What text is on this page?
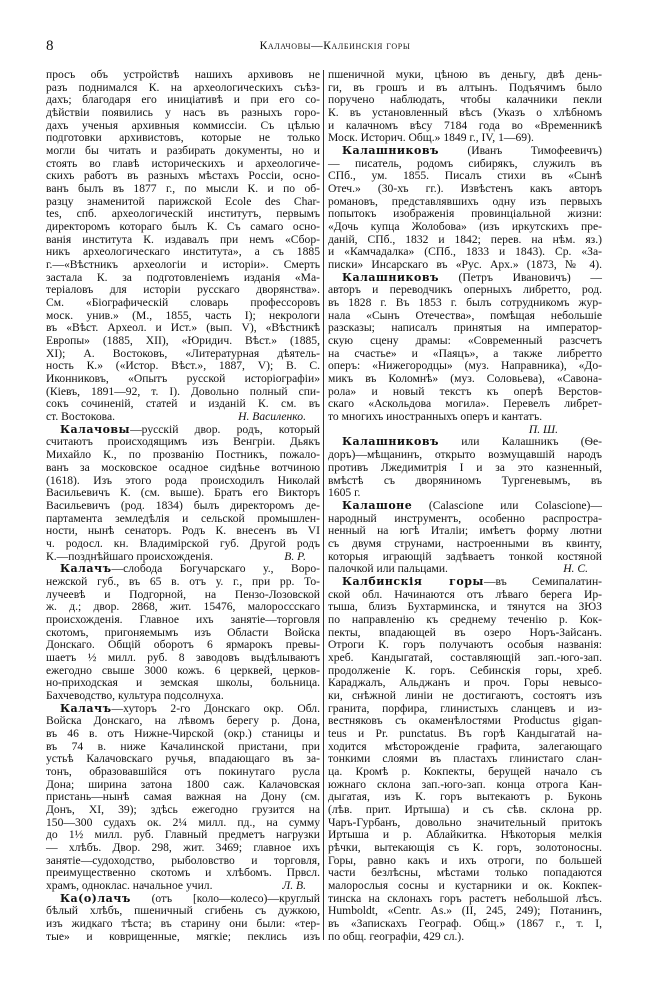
8	Калачовы—Калбинскія горы
просъ объ устройствѣ нашихъ архивовъ не
разъ поднимался К. на археологическихъ съѣз-
дахъ; благодаря его иниціативѣ и при его со-
дѣйствіи появились у насъ въ разныхъ горо-
дахъ ученыя архивныя коммиссіи. Съ цѣлью
подготовки архивистовъ, которые не только
могли бы читать и разбирать документы, но и
стоять во главѣ историческихъ и археологиче-
скихъ работъ въ разныхъ мѣстахъ Россіи, осно-
ванъ былъ въ 1877 г., по мысли К. и по об-
разцу знаменитой парижской Ecole des Char-
tes, спб. археологическій институтъ, первымъ
директоромъ котораго былъ К. Съ самаго осно-
ванія института К. издавалъ при немъ «Сбор-
никъ археологическаго института», а съ 1885
г.—«Вѣстникъ археологіи и исторіи». Смерть
застала К. за подготовленіемъ изданія «Ма-
теріаловъ для исторіи русскаго дворянства».
См. «Біографическій словарь профессоровъ
моск. унив.» (М., 1855, часть I); некрологи
въ «Вѣст. Археол. и Ист.» (вып. V), «Вѣстникѣ
Европы» (1885, XII), «Юридич. Вѣст.» (1885,
XI); А. Востоковъ, «Литературная дѣятель-
ность К.» («Истор. Вѣст.», 1887, V); В. С.
Иконниковъ, «Опытъ русской исторіографіи»
(Кіевъ, 1891—92, т. I). Довольно полный спи-
сокъ сочиненій, статей и изданій К. см. въ
ст. Востокова.	Н. Василенко.
Калачовы—русскій двор. родъ, который
считаютъ происходящимъ изъ Венгріи. Дьякъ
Михайло К., по прозванію Постникъ, пожало-
ванъ за московское осадное сидѣнье вотчиною
(1618). Изъ этого рода происходилъ Николай
Васильевичъ К. (см. выше). Братъ его Викторъ
Васильевичъ (род. 1834) былъ директоромъ де-
партамента земледѣлія и сельской промышлен-
ности, нынѣ сенаторъ. Родъ К. внесенъ въ VI
ч. родосл. кн. Владимірской губ. Другой родъ
К.—позднѣйшаго происхожденія.	В. Р.
Калачъ—слобода Богучарскаго у., Воро-
нежской губ., въ 65 в. отъ у. г., при рр. То-
лучеевѣ и Подгорной, на Пензо-Лозовской
ж. д.; двор. 2868, жит. 15476, малороссскаго
происхожденія. Главное ихъ занятіе—торговля
скотомъ, пригоняемымъ изъ Области Войска
Донскаго. Общій оборотъ 6 ярмарокъ превы-
шаетъ ½ милл. руб. 8 заводовъ выдѣлываютъ
ежегодно свыше 3000 кожъ. 6 церквей, церков-
но-приходская и земская школы, больница.
Бахчеводство, культура подсолнуха.
Калачъ—хуторъ 2-го Донскаго окр. Обл.
Войска Донскаго, на лѣвомъ берегу р. Дона,
въ 46 в. отъ Нижне-Чирской (окр.) станицы и
въ 74 в. ниже Качалинской пристани, при
устьѣ Калачовскаго ручья, впадающаго въ за-
тонъ, образовавшійся отъ покинутаго русла
Дона; ширина затона 1800 саж. Калачовская
пристань—нынѣ самая важная на Дону (см.
Донъ, XI, 39); здѣсь ежегодно грузится на
150—300 судахъ ок. 2¼ милл. пд., на сумму
до 1½ милл. руб. Главный предметъ нагрузки
— хлѣбъ. Двор. 298, жит. 3469; главное ихъ
занятіе—судоходство, рыболовство и торговля,
преимущественно скотомъ и хлѣбомъ. Првсл.
храмъ, одноклас. начальное учил.	Л. В.
Ка(о)лачъ (отъ [коло—колесо)—круглый
бѣлый хлѣбъ, пшеничный сгибень съ дужкою,
изъ жидкаго тѣста; въ старину они были: «тер-
тые» и коврищенные, мягкіе; пеклись изъ
пшеничной муки, цѣною въ деньгу, двѣ день-
ги, въ грошъ и въ алтынъ. Подъячимъ было
поручено наблюдать, чтобы калачники пекли
К. въ установленный вѣсъ (Указъ о хлѣбномъ
и калачномъ вѣсу 7184 года во «Временникѣ
Моск. Историч. Общ.» 1849 г., IV, 1—69).
Калашниковъ (Иванъ Тимофеевичъ)
— писатель, родомъ сибирякъ, служилъ въ
СПб., ум. 1855. Писалъ стихи въ «Сынѣ
Отеч.» (30-хъ гг.). Извѣстенъ какъ авторъ
романовъ, представлявшихъ одну изъ первыхъ
попытокъ изображенія провинціальной жизни:
«Дочь купца Жолобова» (изъ иркутскихъ пре-
даній, СПб., 1832 и 1842; перев. на нѣм. яз.)
и «Камчадалка» (СПб., 1833 и 1843). Ср. «За-
писки» Инсарскаго въ «Рус. Арх.» (1873, № 4).
Калашниковъ (Петръ Ивановичъ) —
авторъ и переводчикъ оперныхъ либретто, род.
въ 1828 г. Въ 1853 г. былъ сотрудникомъ жур-
нала «Сынъ Отечества», помѣщая небольшіе
разсказы; написалъ принятыя на император-
скую сцену драмы: «Современный разсчетъ
на счастье» и «Паяцъ», а также либретто
оперъ: «Нижегородцы» (муз. Направника), «До-
микъ въ Коломнѣ» (муз. Соловьева), «Савона-
рола» и новый текстъ къ оперѣ Верстов-
скаго «Аскольдова могила». Перевелъ либрет-
то многихъ иностранныхъ оперъ и кантатъ.
П. Ш.
Калашниковъ или Калашникъ (Ѳе-
доръ)—мѣщанинъ, открыто возмущавшій народъ
противъ Лжедимитрія I и за это казненный,
вмѣстѣ съ дворяниномъ Тургеневымъ, въ
1605 г.
Калашоне (Calascione или Colascione)—
народный инструментъ, особенно распростра-
ненный на югѣ Италіи; имѣетъ форму лютни
съ двумя струнами, настроенными въ квинту,
которыя играющій задѣваетъ тонкой костяной
палочкой или пальцами.	Н. С.
Калбинскія горы—въ Семипалатин-
ской обл. Начинаются отъ лѣваго берега Ир-
тыша, близъ Бухтарминска, и тянутся на ЗЮЗ
по направленію къ среднему теченію р. Кок-
пекты, впадающей въ озеро Норъ-Зайсанъ.
Отроги К. горъ получаютъ особыя названія:
хреб. Кандыгатай, составляющій зап.-юго-зап.
продолженіе К. горъ. Себинскія горы, хреб.
Караджалъ, Альджанъ и проч. Горы невысо-
ки, снѣжной линіи не достигаютъ, состоятъ изъ
гранита, порфира, глинистыхъ сланцевъ и из-
вестняковъ съ окаменѣлостями Productus gigan-
teus и Pr. punctatus. Въ горѣ Кандыгатай на-
ходится мѣсторожденіе графита, залегающаго
тонкими слоями въ пластахъ глинистаго слан-
ца. Кромѣ р. Кокпекты, берущей начало съ
южнаго склона зап.-юго-зап. конца отрога Кан-
дыгатая, изъ К. горъ вытекаютъ р. Буконь
(лѣв. прит. Иртыша) и съ сѣв. склона рр.
Чаръ-Гурбанъ, довольно значительный притокъ
Иртыша и р. Аблайкитка. Нѣкоторыя мелкія
рѣчки, вытекающія съ К. горъ, золотоносны.
Горы, равно какъ и ихъ отроги, по большей
части безлѣсны, мѣстами только попадаются
малорослыя сосны и кустарники и ок. Кокпек-
тинска на склонахъ горъ растетъ небольшой лѣсъ.
Humboldt, «Centr. As.» (II, 245, 249); Потанинъ,
въ «Запискахъ Географ. Общ.» (1867 г., т. I,
по общ. географіи, 429 сл.).
